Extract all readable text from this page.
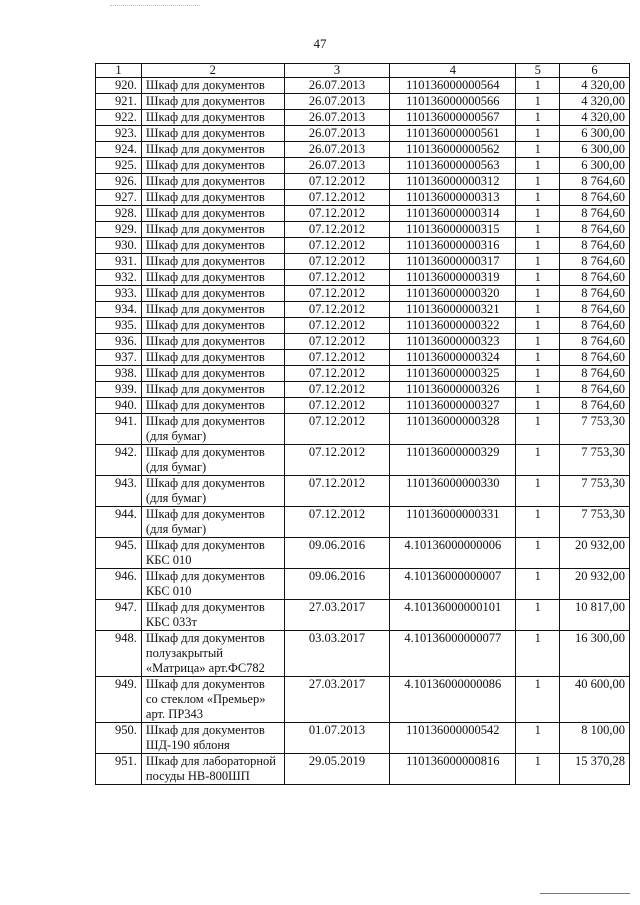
47
1	2	3	4	5	6
920.	Шкаф для документов	26.07.2013	110136000000564	1	4 320,00
921.	Шкаф для документов	26.07.2013	110136000000566	1	4 320,00
922.	Шкаф для документов	26.07.2013	110136000000567	1	4 320,00
923.	Шкаф для документов	26.07.2013	110136000000561	1	6 300,00
924.	Шкаф для документов	26.07.2013	110136000000562	1	6 300,00
925.	Шкаф для документов	26.07.2013	110136000000563	1	6 300,00
926.	Шкаф для документов	07.12.2012	110136000000312	1	8 764,60
927.	Шкаф для документов	07.12.2012	110136000000313	1	8 764,60
928.	Шкаф для документов	07.12.2012	110136000000314	1	8 764,60
929.	Шкаф для документов	07.12.2012	110136000000315	1	8 764,60
930.	Шкаф для документов	07.12.2012	110136000000316	1	8 764,60
931.	Шкаф для документов	07.12.2012	110136000000317	1	8 764,60
932.	Шкаф для документов	07.12.2012	110136000000319	1	8 764,60
933.	Шкаф для документов	07.12.2012	110136000000320	1	8 764,60
934.	Шкаф для документов	07.12.2012	110136000000321	1	8 764,60
935.	Шкаф для документов	07.12.2012	110136000000322	1	8 764,60
936.	Шкаф для документов	07.12.2012	110136000000323	1	8 764,60
937.	Шкаф для документов	07.12.2012	110136000000324	1	8 764,60
938.	Шкаф для документов	07.12.2012	110136000000325	1	8 764,60
939.	Шкаф для документов	07.12.2012	110136000000326	1	8 764,60
940.	Шкаф для документов	07.12.2012	110136000000327	1	8 764,60
941.	Шкаф для документов (для бумаг)	07.12.2012	110136000000328	1	7 753,30
942.	Шкаф для документов (для бумаг)	07.12.2012	110136000000329	1	7 753,30
943.	Шкаф для документов (для бумаг)	07.12.2012	110136000000330	1	7 753,30
944.	Шкаф для документов (для бумаг)	07.12.2012	110136000000331	1	7 753,30
945.	Шкаф для документов КБС 010	09.06.2016	4.10136000000006	1	20 932,00
946.	Шкаф для документов КБС 010	09.06.2016	4.10136000000007	1	20 932,00
947.	Шкаф для документов КБС 033т	27.03.2017	4.10136000000101	1	10 817,00
948.	Шкаф для документов полузакрытый «Матрица» арт.ФС782	03.03.2017	4.10136000000077	1	16 300,00
949.	Шкаф для документов со стеклом «Премьер» арт. ПР343	27.03.2017	4.10136000000086	1	40 600,00
950.	Шкаф для документов ШД-190 яблоня	01.07.2013	110136000000542	1	8 100,00
951.	Шкаф для лабораторной посуды НВ-800ШП	29.05.2019	110136000000816	1	15 370,28
